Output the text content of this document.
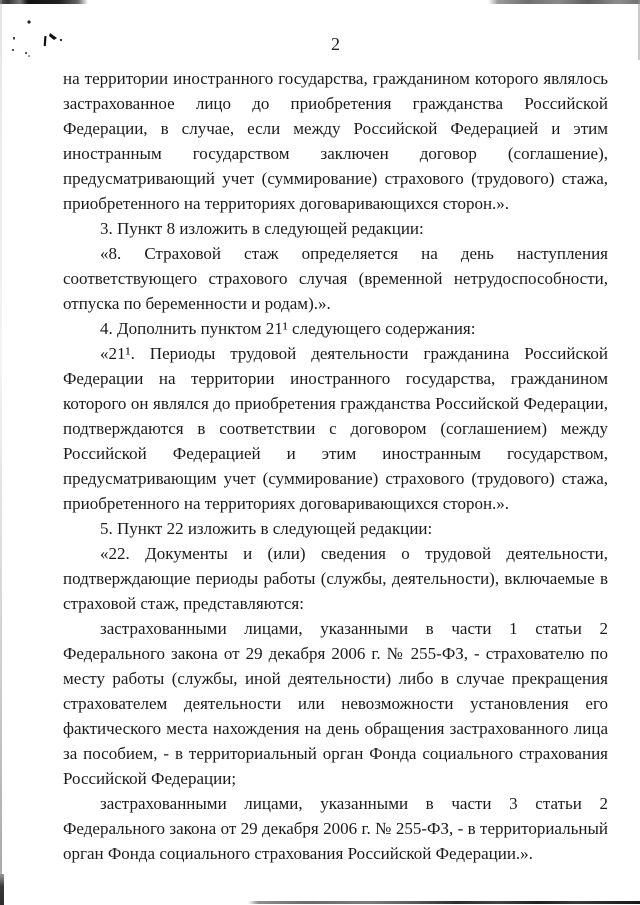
2

на территории иностранного государства, гражданином которого являлось застрахованное лицо до приобретения гражданства Российской Федерации, в случае, если между Российской Федерацией и этим иностранным государством заключен договор (соглашение), предусматривающий учет (суммирование) страхового (трудового) стажа, приобретенного на территориях договаривающихся сторон.».

3. Пункт 8 изложить в следующей редакции:

«8. Страховой стаж определяется на день наступления соответствующего страхового случая (временной нетрудоспособности, отпуска по беременности и родам).».

4. Дополнить пунктом 21¹ следующего содержания:

«21¹. Периоды трудовой деятельности гражданина Российской Федерации на территории иностранного государства, гражданином которого он являлся до приобретения гражданства Российской Федерации, подтверждаются в соответствии с договором (соглашением) между Российской Федерацией и этим иностранным государством, предусматривающим учет (суммирование) страхового (трудового) стажа, приобретенного на территориях договаривающихся сторон.».

5. Пункт 22 изложить в следующей редакции:

«22. Документы и (или) сведения о трудовой деятельности, подтверждающие периоды работы (службы, деятельности), включаемые в страховой стаж, представляются:

застрахованными лицами, указанными в части 1 статьи 2 Федерального закона от 29 декабря 2006 г. № 255-ФЗ, - страхователю по месту работы (службы, иной деятельности) либо в случае прекращения страхователем деятельности или невозможности установления его фактического места нахождения на день обращения застрахованного лица за пособием, - в территориальный орган Фонда социального страхования Российской Федерации;

застрахованными лицами, указанными в части 3 статьи 2 Федерального закона от 29 декабря 2006 г. № 255-ФЗ, - в территориальный орган Фонда социального страхования Российской Федерации.».
